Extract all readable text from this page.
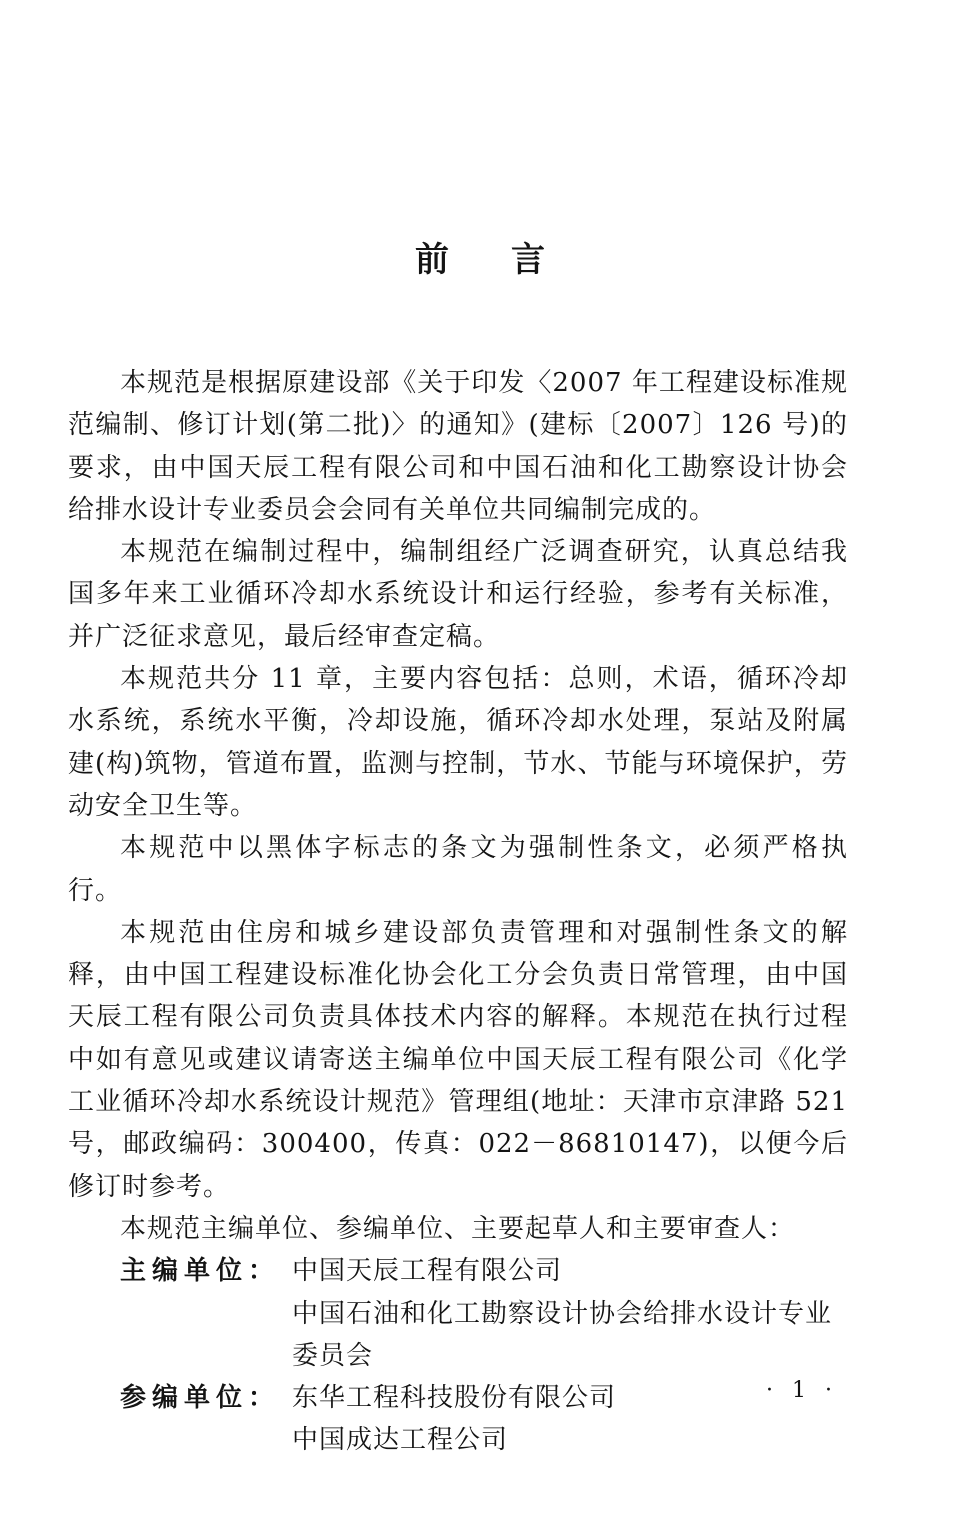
前 言

本规范是根据原建设部《关于印发〈2007 年工程建设标准规范编制、修订计划(第二批)〉的通知》(建标〔2007〕126 号)的要求，由中国天辰工程有限公司和中国石油和化工勘察设计协会给排水设计专业委员会会同有关单位共同编制完成的。

本规范在编制过程中，编制组经广泛调查研究，认真总结我国多年来工业循环冷却水系统设计和运行经验，参考有关标准，并广泛征求意见，最后经审查定稿。

本规范共分 11 章，主要内容包括：总则，术语，循环冷却水系统，系统水平衡，冷却设施，循环冷却水处理，泵站及附属建(构)筑物，管道布置，监测与控制，节水、节能与环境保护，劳动安全卫生等。

本规范中以黑体字标志的条文为强制性条文，必须严格执行。

本规范由住房和城乡建设部负责管理和对强制性条文的解释，由中国工程建设标准化协会化工分会负责日常管理，由中国天辰工程有限公司负责具体技术内容的解释。本规范在执行过程中如有意见或建议请寄送主编单位中国天辰工程有限公司《化学工业循环冷却水系统设计规范》管理组(地址：天津市京津路 521 号，邮政编码：300400，传真：022－86810147)，以便今后修订时参考。

本规范主编单位、参编单位、主要起草人和主要审查人：

主编单位： 中国天辰工程有限公司
中国石油和化工勘察设计协会给排水设计专业
委员会
参编单位： 东华工程科技股份有限公司
中国成达工程公司
· 1 ·
